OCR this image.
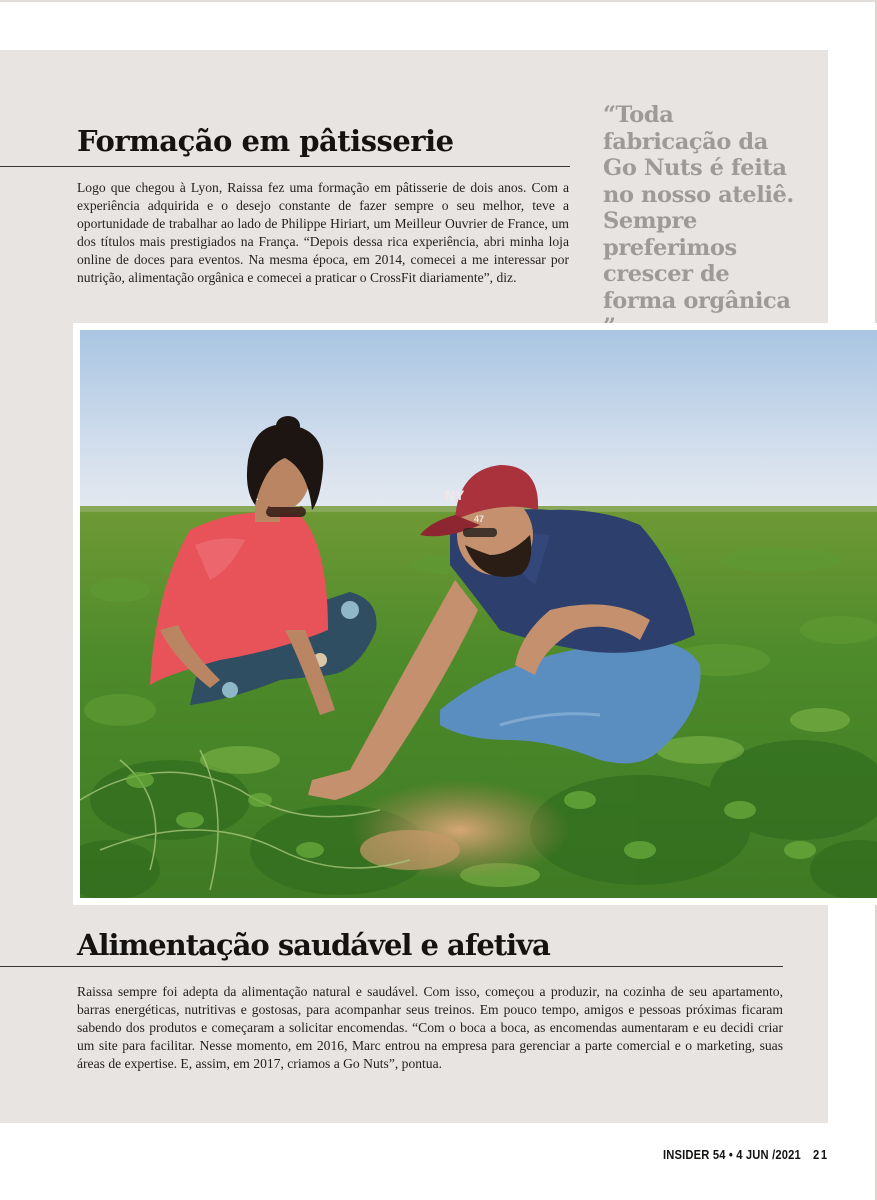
Formação em pâtisserie

Logo que chegou à Lyon, Raissa fez uma formação em pâtisserie de dois anos. Com a experiência adquirida e o desejo constante de fazer sempre o seu melhor, teve a oportunidade de trabalhar ao lado de Philippe Hiriart, um Meilleur Ouvrier de France, um dos títulos mais prestigiados na França. “Depois dessa rica experiência, abri minha loja online de doces para eventos. Na mesma época, em 2014, comecei a me interessar por nutrição, alimentação orgânica e comecei a praticar o CrossFit diariamente”, diz.

“Toda fabricação da Go Nuts é feita no nosso ateliê. Sempre preferimos crescer de forma orgânica

NY
47
Alimentação saudável e afetiva

Raissa sempre foi adepta da alimentação natural e saudável. Com isso, começou a produzir, na cozinha de seu apartamento, barras energéticas, nutritivas e gostosas, para acompanhar seus treinos. Em pouco tempo, amigos e pessoas próximas ficaram sabendo dos produtos e começaram a solicitar encomendas. “Com o boca a boca, as encomendas aumentaram e eu decidi criar um site para facilitar. Nesse momento, em 2016, Marc entrou na empresa para gerenciar a parte comercial e o marketing, suas áreas de expertise. E, assim, em 2017, criamos a Go Nuts”, pontua.

INSIDER 54 • 4 JUN /2021 21
